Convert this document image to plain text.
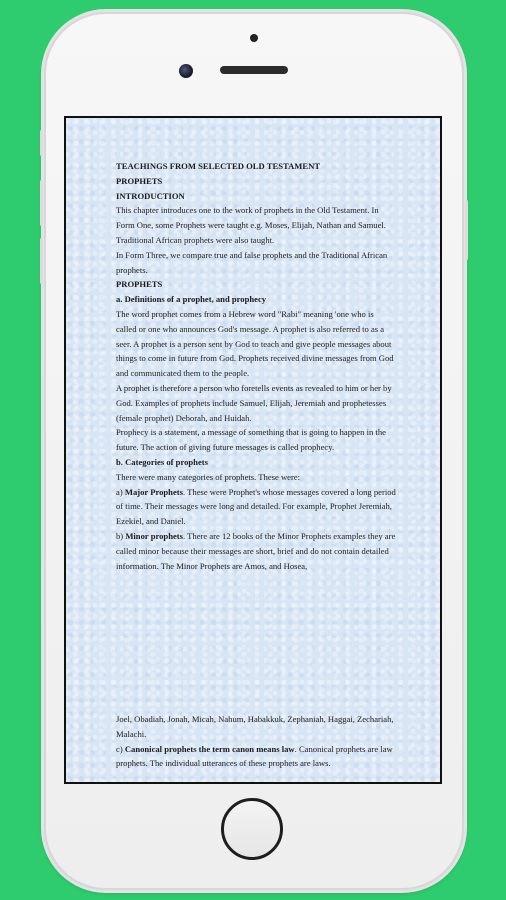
TEACHINGS FROM SELECTED OLD TESTAMENT
PROPHETS

INTRODUCTION

This chapter introduces one to the work of prophets in the Old Testament. In Form One, some Prophets were taught e.g. Moses, Elijah, Nathan and Samuel. Traditional African prophets were also taught.

In Form Three, we compare true and false prophets and the Traditional African prophets.

PROPHETS

a. Definitions of a prophet, and prophecy

The word prophet comes from a Hebrew word "Rabi" meaning 'one who is called or one who announces God's message. A prophet is also referred to as a seer. A prophet is a person sent by God to teach and give people messages about things to come in future from God. Prophets received divine messages from God and communicated them to the people.

A prophet is therefore a person who foretells events as revealed to him or her by God. Examples of prophets include Samuel, Elijah, Jeremiah and prophetesses (female prophet) Deborah, and Huidah.

Prophecy is a statement, a message of something that is going to happen in the future. The action of giving future messages is called prophecy.

b. Categories of prophets

There were many categories of prophets. These were:

a) Major Prophets. These were Prophet's whose messages covered a long period of time. Their messages were long and detailed. For example, Prophet Jeremiah, Ezekiel, and Daniel.

b) Minor prophets. There are 12 books of the Minor Prophets examples they are called minor because their messages are short, brief and do not contain detailed information. The Minor Prophets are Amos, and Hosea,

Joel, Obadiah, Jonah, Micah, Nahum, Habakkuk, Zephaniah, Haggai, Zechariah, Malachi.

c) Canonical prophets the term canon means law. Canonical prophets are law prophets. The individual utterances of these prophets are laws.
